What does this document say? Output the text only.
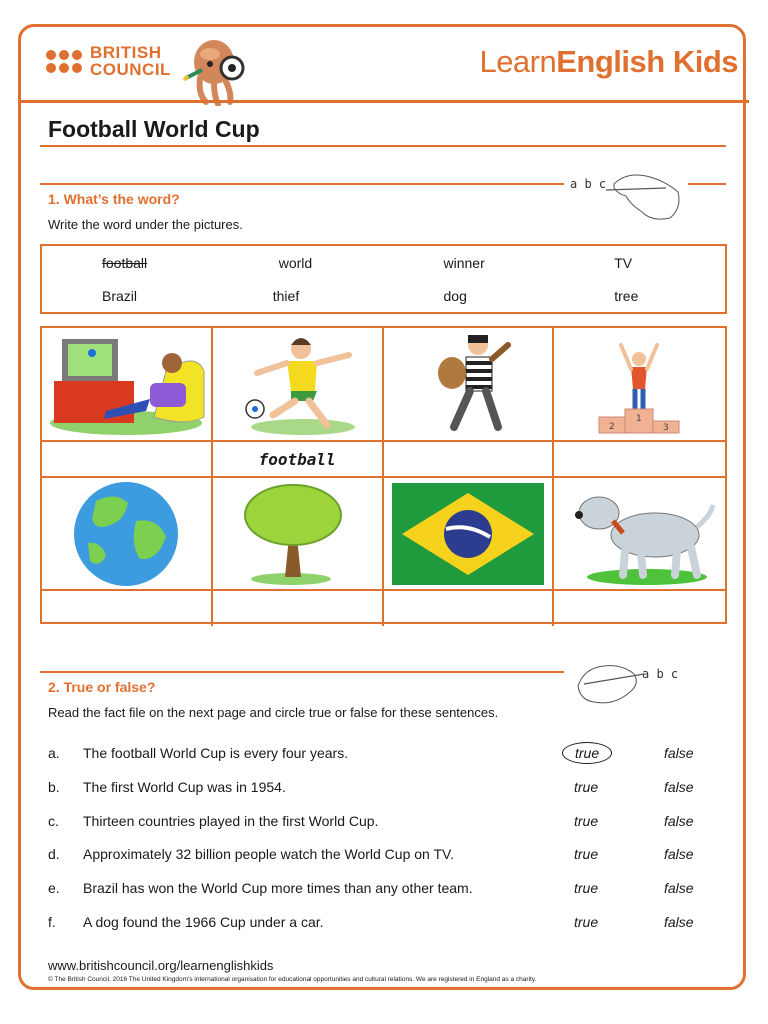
BRITISH
COUNCIL	LearnEnglish Kids
Football World Cup
a b c
1. What’s the word?

Write the word under the pictures.

football	world	winner	TV
Brazil	thief	dog	tree
2
1
3
football
a b c
2. True or false?

Read the fact file on the next page and circle true or false for these sentences.

a. The football World Cup is every four years.	true	false
b. The first World Cup was in 1954.	true	false
c. Thirteen countries played in the first World Cup.	true	false
d. Approximately 32 billion people watch the World Cup on TV.	true	false
e. Brazil has won the World Cup more times than any other team.	true	false
f. A dog found the 1966 Cup under a car.	true	false

www.britishcouncil.org/learnenglishkids

© The British Council, 2016 The United Kingdom’s international organisation for educational opportunities and cultural relations. We are registered in England as a charity.
